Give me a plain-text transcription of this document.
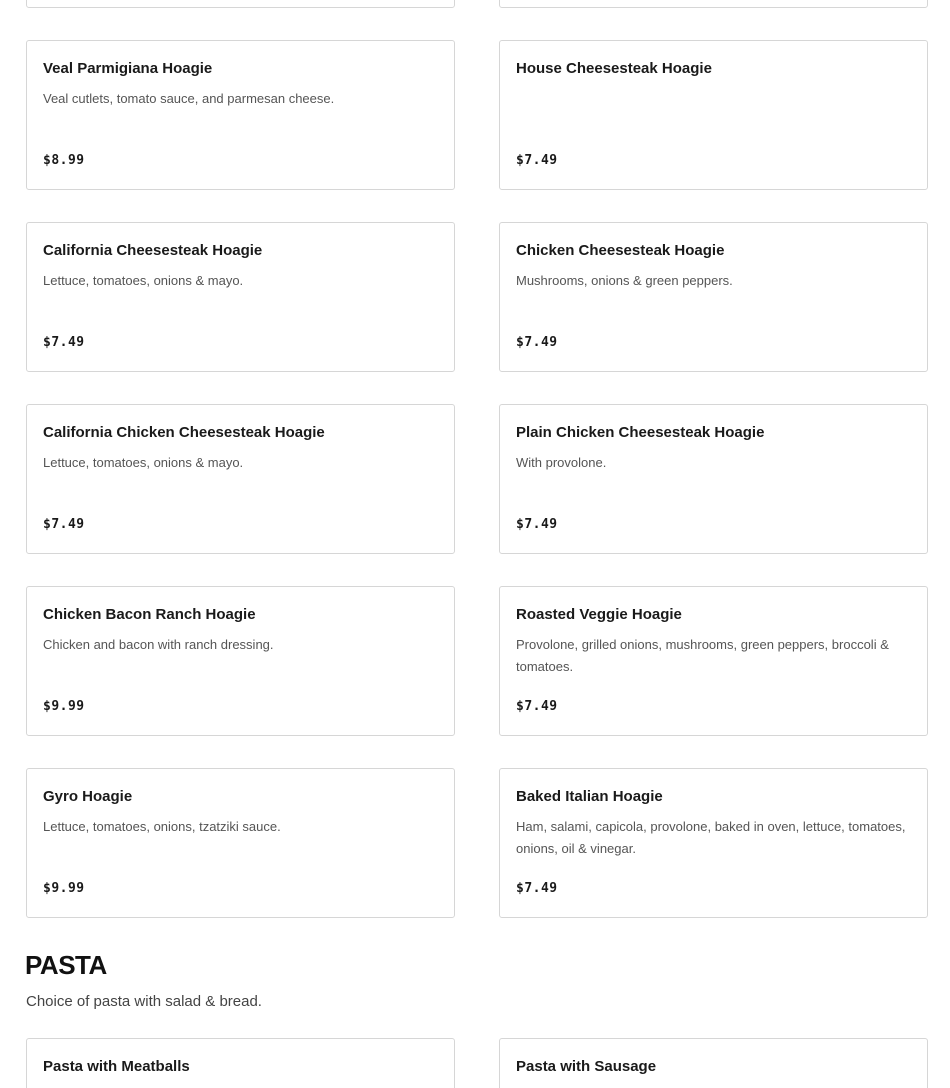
Veal Parmigiana Hoagie
Veal cutlets, tomato sauce, and parmesan cheese.
$8.99
House Cheesesteak Hoagie
$7.49
California Cheesesteak Hoagie
Lettuce, tomatoes, onions & mayo.
$7.49
Chicken Cheesesteak Hoagie
Mushrooms, onions & green peppers.
$7.49
California Chicken Cheesesteak Hoagie
Lettuce, tomatoes, onions & mayo.
$7.49
Plain Chicken Cheesesteak Hoagie
With provolone.
$7.49
Chicken Bacon Ranch Hoagie
Chicken and bacon with ranch dressing.
$9.99
Roasted Veggie Hoagie
Provolone, grilled onions, mushrooms, green peppers, broccoli & tomatoes.
$7.49
Gyro Hoagie
Lettuce, tomatoes, onions, tzatziki sauce.
$9.99
Baked Italian Hoagie
Ham, salami, capicola, provolone, baked in oven, lettuce, tomatoes, onions, oil & vinegar.
$7.49
PASTA
Choice of pasta with salad & bread.
Pasta with Meatballs	Pasta with Sausage
